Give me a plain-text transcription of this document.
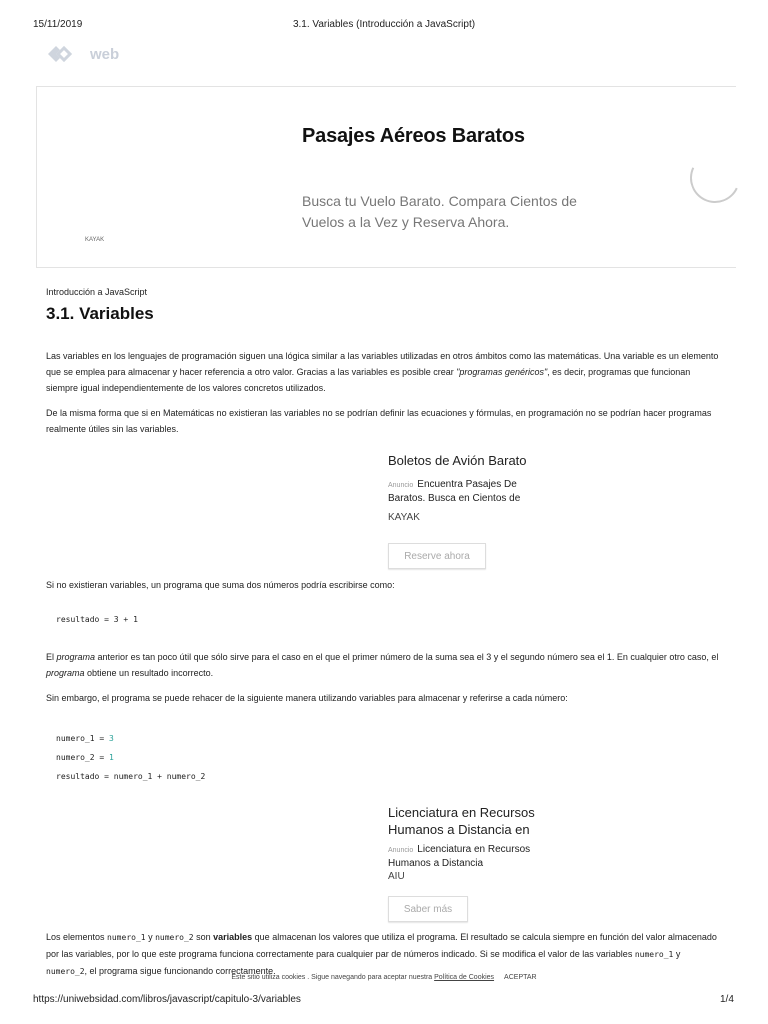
15/11/2019	3.1. Variables (Introducción a JavaScript)
web
Pasajes Aéreos Baratos
Busca tu Vuelo Barato. Compara Cientos de Vuelos a la Vez y Reserva Ahora.
KAYAK
Introducción a JavaScript
3.1. Variables
Las variables en los lenguajes de programación siguen una lógica similar a las variables utilizadas en otros ámbitos como las matemáticas. Una variable es un elemento que se emplea para almacenar y hacer referencia a otro valor. Gracias a las variables es posible crear "programas genéricos", es decir, programas que funcionan siempre igual independientemente de los valores concretos utilizados.
De la misma forma que si en Matemáticas no existieran las variables no se podrían definir las ecuaciones y fórmulas, en programación no se podrían hacer programas realmente útiles sin las variables.
Boletos de Avión Barato
Anuncio Encuentra Pasajes De
Baratos. Busca en Cientos de
KAYAK
Reserve ahora
Si no existieran variables, un programa que suma dos números podría escribirse como:
resultado = 3 + 1
El programa anterior es tan poco útil que sólo sirve para el caso en el que el primer número de la suma sea el 3 y el segundo número sea el 1. En cualquier otro caso, el programa obtiene un resultado incorrecto.
Sin embargo, el programa se puede rehacer de la siguiente manera utilizando variables para almacenar y referirse a cada número:
numero_1 = 3
numero_2 = 1
resultado = numero_1 + numero_2
Licenciatura en Recursos
Humanos a Distancia en
Anuncio Licenciatura en Recursos
Humanos a Distancia
AIU
Saber más
Los elementos numero_1 y numero_2 son variables que almacenan los valores que utiliza el programa. El resultado se calcula siempre en función del valor almacenado por las variables, por lo que este programa funciona correctamente para cualquier par de números indicado. Si se modifica el valor de las variables numero_1 y numero_2, el programa sigue funcionando correctamente.
Este sitio utiliza cookies . Sigue navegando para aceptar nuestra Política de Cookies ACEPTAR
https://uniwebsidad.com/libros/javascript/capitulo-3/variables	1/4
